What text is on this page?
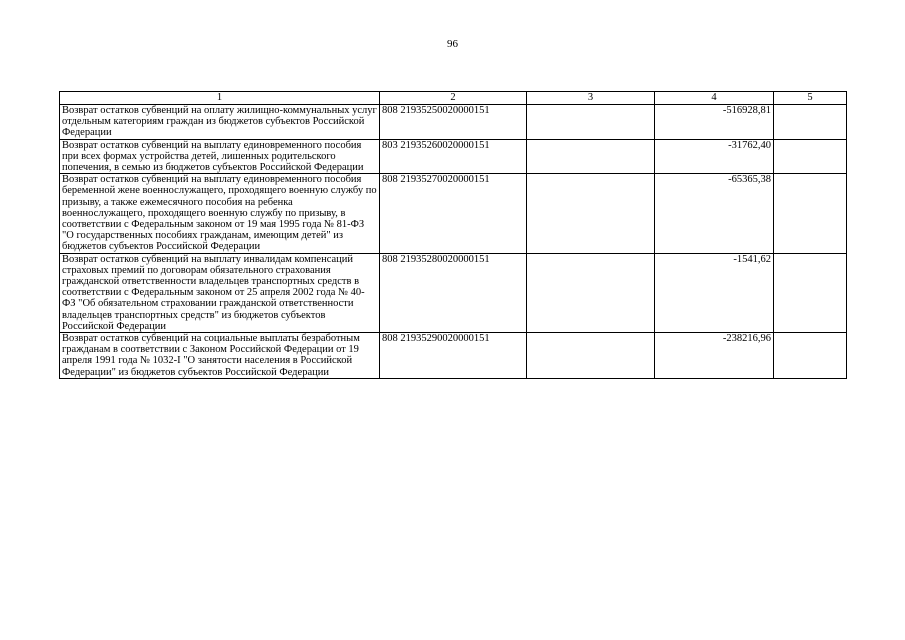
96
1	2	3	4	5
Возврат остатков субвенций на оплату жилищно-коммунальных услуг отдельным категориям граждан из бюджетов субъектов Российской Федерации	808 21935250020000151		-516928,81	
Возврат остатков субвенций на выплату единовременного пособия при всех формах устройства детей, лишенных родительского попечения, в семью из бюджетов субъектов Российской Федерации	803 21935260020000151		-31762,40	
Возврат остатков субвенций на выплату единовременного пособия беременной жене военнослужащего, проходящего военную службу по призыву, а также ежемесячного пособия на ребенка военнослужащего, проходящего военную службу по призыву, в соответствии с Федеральным законом от 19 мая 1995 года № 81-ФЗ "О государственных пособиях гражданам, имеющим детей" из бюджетов субъектов Российской Федерации	808 21935270020000151		-65365,38	
Возврат остатков субвенций на выплату инвалидам компенсаций страховых премий по договорам обязательного страхования гражданской ответственности владельцев транспортных средств в соответствии с Федеральным законом от 25 апреля 2002 года № 40-ФЗ "Об обязательном страховании гражданской ответственности владельцев транспортных средств" из бюджетов субъектов Российской Федерации	808 21935280020000151		-1541,62	
Возврат остатков субвенций на социальные выплаты безработным гражданам в соответствии с Законом Российской Федерации от 19 апреля 1991 года № 1032-I "О занятости населения в Российской Федерации" из бюджетов субъектов Российской Федерации	808 21935290020000151		-238216,96	
